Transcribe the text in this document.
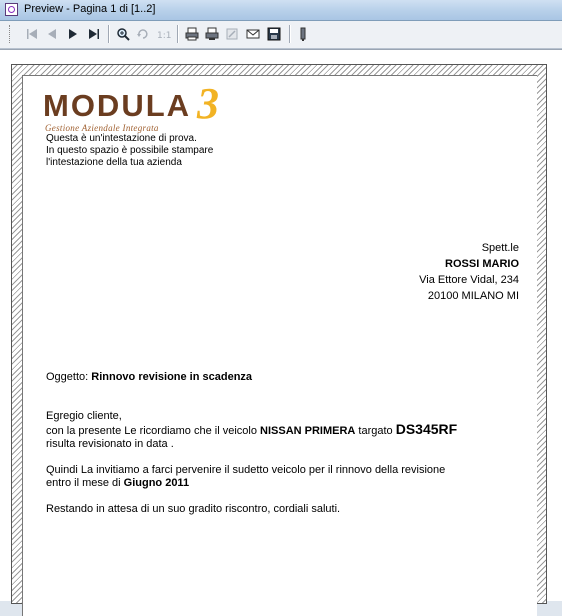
Preview - Pagina 1 di [1..2]
1:1
MODULA 3
Gestione Aziendale Integrata
Questa è un'intestazione di prova.
In questo spazio è possibile stampare
l'intestazione della tua azienda
Spett.le
ROSSI MARIO
Via Ettore Vidal, 234
20100 MILANO MI

Oggetto: Rinnovo revisione in scadenza

Egregio cliente,

con la presente Le ricordiamo che il veicolo NISSAN PRIMERA targato DS345RF

risulta revisionato in data .

Quindi La invitiamo a farci pervenire il sudetto veicolo per il rinnovo della revisione

entro il mese di Giugno 2011

Restando in attesa di un suo gradito riscontro, cordiali saluti.
